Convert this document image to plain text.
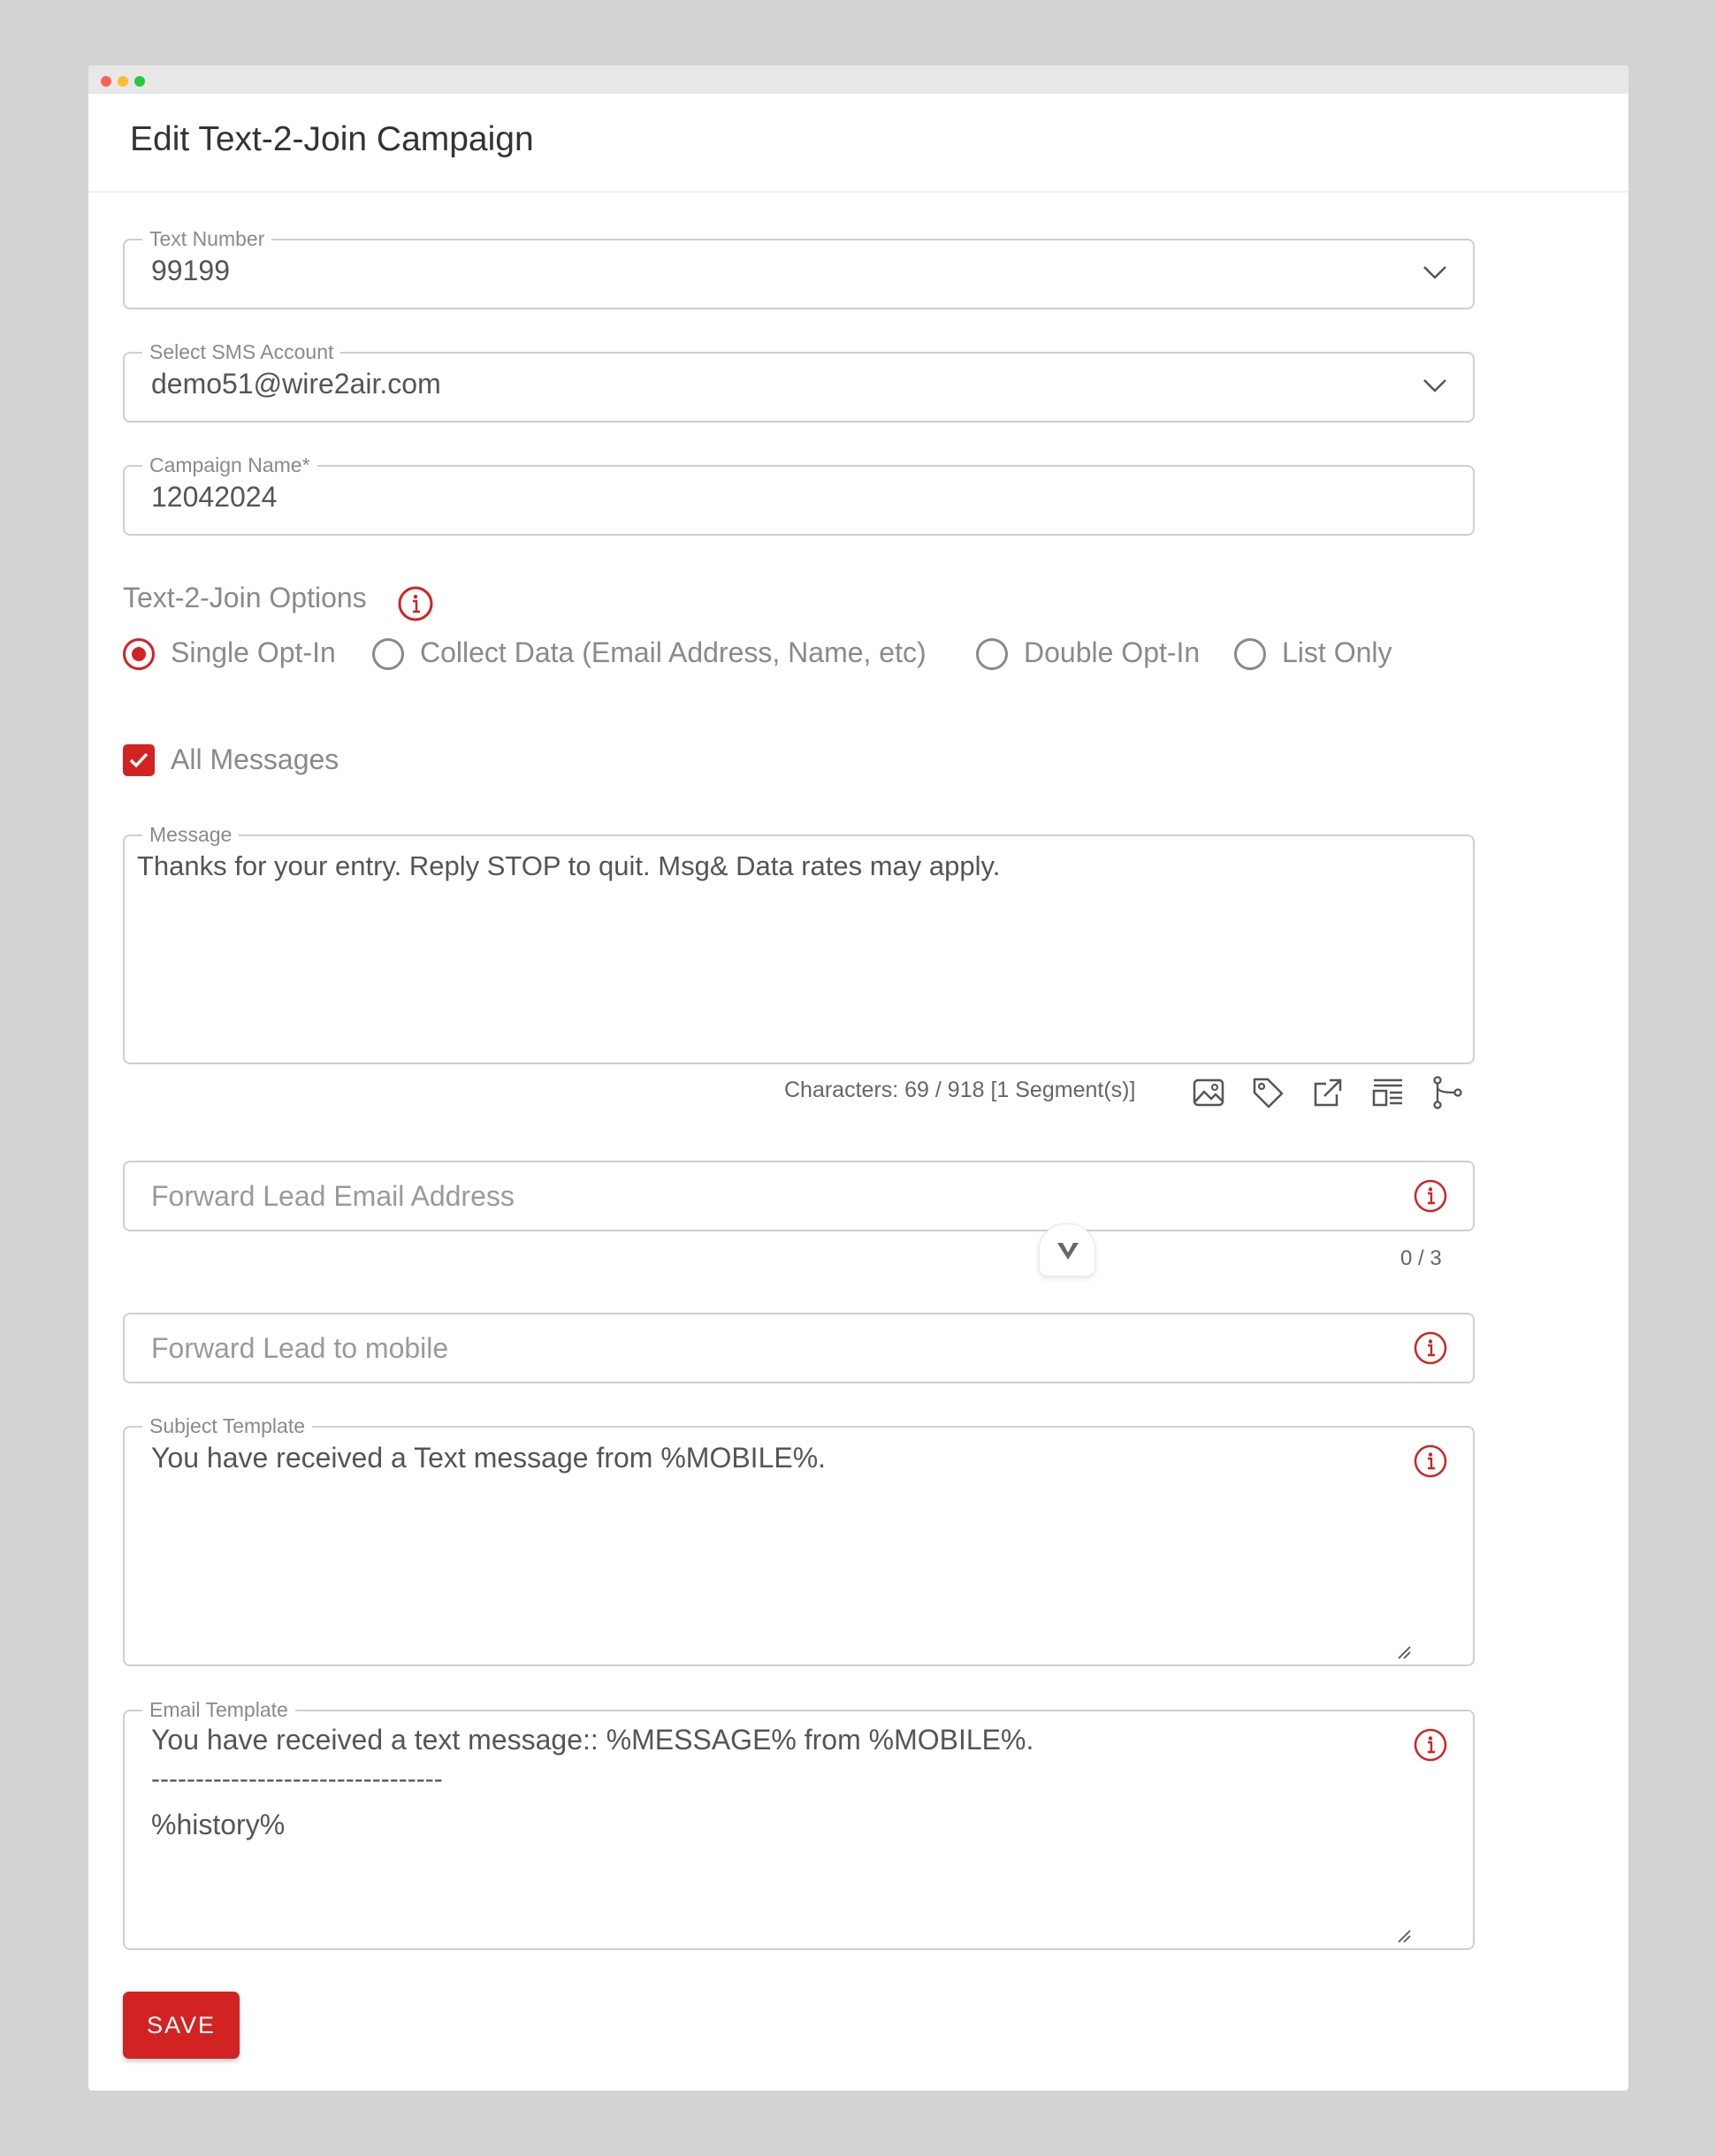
Edit Text-2-Join Campaign
Text Number
99199
Select SMS Account
demo51@wire2air.com
Campaign Name*
12042024
Text-2-Join Options
Single Opt-In	Collect Data (Email Address, Name, etc)	Double Opt-In	List Only
All Messages
Message
Thanks for your entry. Reply STOP to quit. Msg& Data rates may apply.
Characters: 69 / 918 [1 Segment(s)]
Forward Lead Email Address
0 / 3
Forward Lead to mobile
Subject Template
You have received a Text message from %MOBILE%.
Email Template
You have received a text message:: %MESSAGE% from %MOBILE%.
---------------------------------
%history%
SAVE
